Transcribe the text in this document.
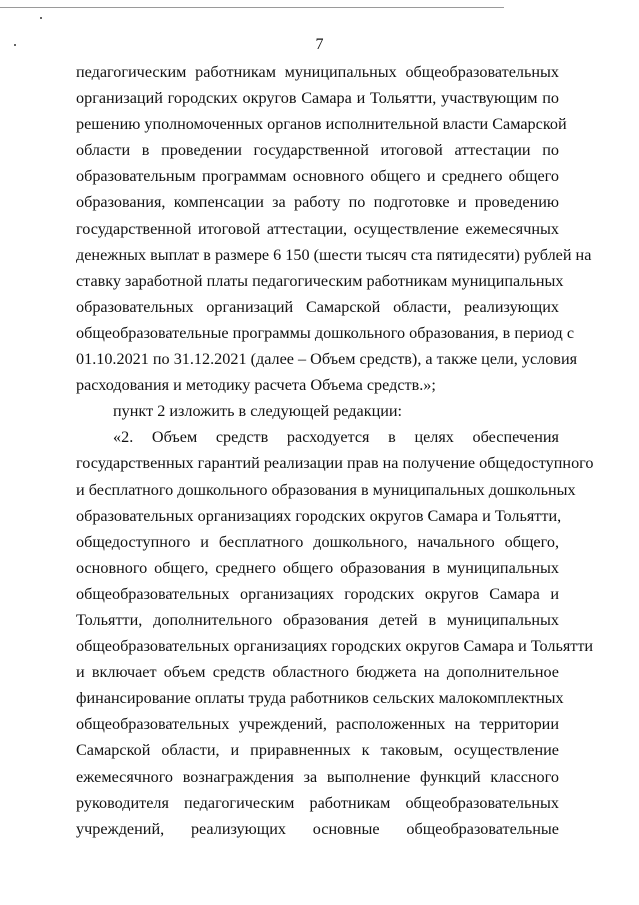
7
педагогическим работникам муниципальных общеобразовательных
организаций городских округов Самара и Тольятти, участвующим по
решению уполномоченных органов исполнительной власти Самарской
области в проведении государственной итоговой аттестации по
образовательным программам основного общего и среднего общего
образования, компенсации за работу по подготовке и проведению
государственной итоговой аттестации, осуществление ежемесячных
денежных выплат в размере 6 150 (шести тысяч ста пятидесяти) рублей на
ставку заработной платы педагогическим работникам муниципальных
образовательных организаций Самарской области, реализующих
общеобразовательные программы дошкольного образования, в период с
01.10.2021 по 31.12.2021 (далее – Объем средств), а также цели, условия
расходования и методику расчета Объема средств.»;
пункт 2 изложить в следующей редакции:
«2. Объем средств расходуется в целях обеспечения
государственных гарантий реализации прав на получение общедоступного
и бесплатного дошкольного образования в муниципальных дошкольных
образовательных организациях городских округов Самара и Тольятти,
общедоступного и бесплатного дошкольного, начального общего,
основного общего, среднего общего образования в муниципальных
общеобразовательных организациях городских округов Самара и
Тольятти, дополнительного образования детей в муниципальных
общеобразовательных организациях городских округов Самара и Тольятти
и включает объем средств областного бюджета на дополнительное
финансирование оплаты труда работников сельских малокомплектных
общеобразовательных учреждений, расположенных на территории
Самарской области, и приравненных к таковым, осуществление
ежемесячного вознаграждения за выполнение функций классного
руководителя педагогическим работникам общеобразовательных
учреждений, реализующих основные общеобразовательные
